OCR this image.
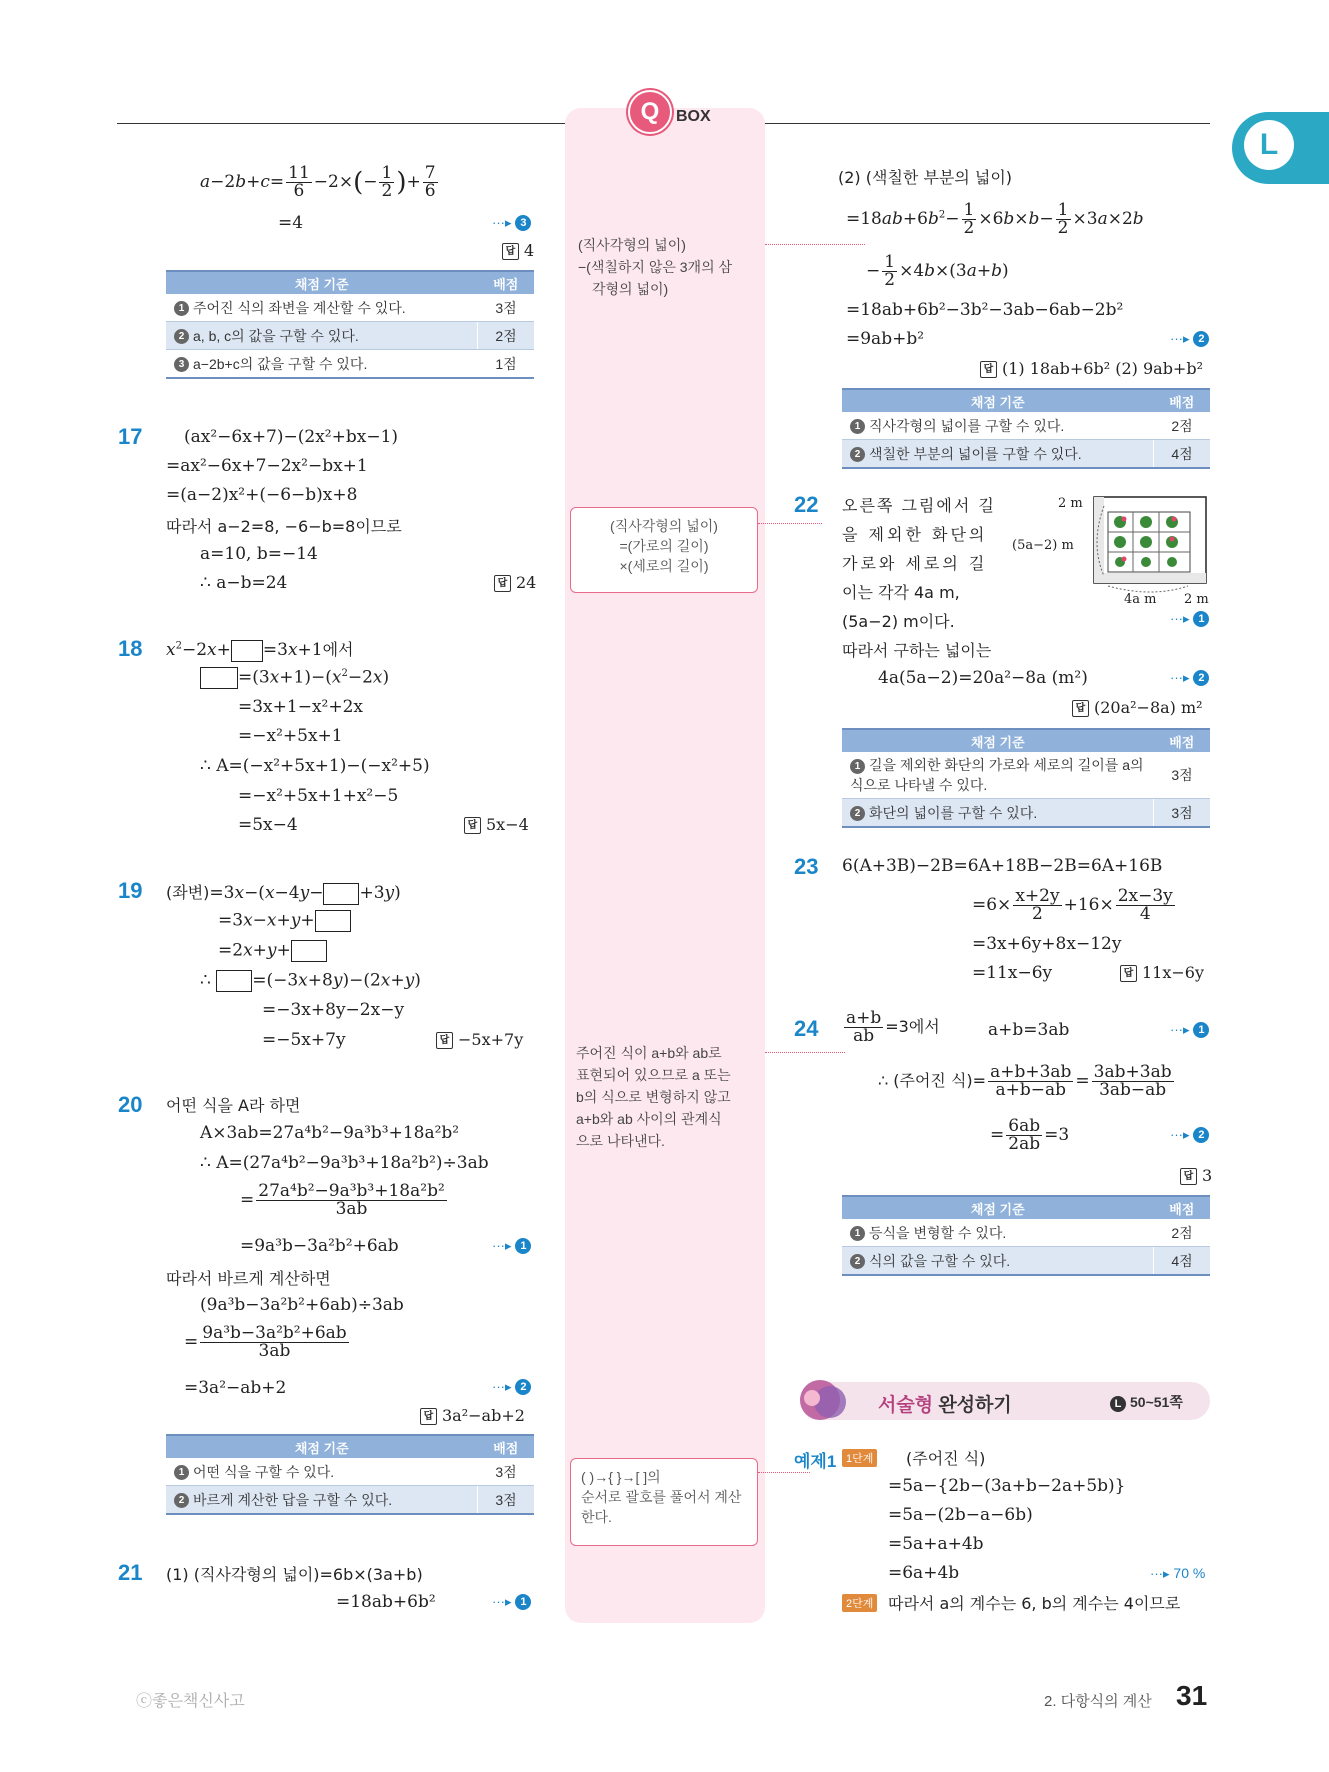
Q	BOX
L
$a-2b+c= \frac{11}{6} -2\times(- \frac{1}{2}$ )+ $\frac{7}{6}$
=4	···▸ 3
답 4
채점 기준	배점
1 주어진 식의 좌변을 계산할 수 있다.	3점
2 a, b, c의 값을 구할 수 있다.	2점
3 a−2b+c의 값을 구할 수 있다.	1점
17 (ax²−6x+7)−(2x²+bx−1)
=ax²−6x+7−2x²−bx+1
=(a−2)x²+(−6−b)x+8
따라서 a−2=8, −6−b=8이므로
a=10, b=−14
∴ a−b=24	답 24
18 $x^2-2x+ =3x+1$에서
$=(3x+1)-(x^2-2x)$
=3x+1−x²+2x
=−x²+5x+1
∴ A=(−x²+5x+1)−(−x²+5)
=−x²+5x+1+x²−5
=5x−4	답 5x−4
19 (좌변)=3x−(x−4y− +3y)
=3x−x+y+
=2x+y+
∴ =(−3x+8y)−(2x+y)
=−3x+8y−2x−y
=−5x+7y	답 −5x+7y
20 어떤 식을 A라 하면
A×3ab=27a⁴b²−9a³b³+18a²b²
∴ A=(27a⁴b²−9a³b³+18a²b²)÷3ab
= $\frac{\text{27a⁴b²−9a³b³+18a²b²}}{3ab}$
=9a³b−3a²b²+6ab	···▸ 1
따라서 바르게 계산하면
(9a³b−3a²b²+6ab)÷3ab
= $\frac{\text{9a³b−3a²b²+6ab}}{3ab}$
=3a²−ab+2	···▸ 2
답 3a²−ab+2
채점 기준	배점
1 어떤 식을 구할 수 있다.	3점
2 바르게 계산한 답을 구할 수 있다.	3점
21 (1) (직사각형의 넓이)=6b×(3a+b)
=18ab+6b²	···▸ 1
(직사각형의 넓이)
−(색칠하지 않은 3개의 삼
각형의 넓이)
(직사각형의 넓이)
=(가로의 길이)
×(세로의 길이)
주어진 식이 a+b와 ab로
표현되어 있으므로 a 또는
b의 식으로 변형하지 않고
a+b와 ab 사이의 관계식
으로 나타낸다.
( )→{ }→[ ]의
순서로 괄호를 풀어서 계산
한다.
(2) (색칠한 부분의 넓이)
$=18ab+6b^2- \frac{1}{2} \times 6b\times b- \frac{1}{2} \times 3a\times 2b$
− $\frac{1}{2} \times 4b\times(3a+b)$
=18ab+6b²−3b²−3ab−6ab−2b²
=9ab+b²	···▸ 2
답 (1) 18ab+6b² (2) 9ab+b²
채점 기준	배점
1 직사각형의 넓이를 구할 수 있다.	2점
2 색칠한 부분의 넓이를 구할 수 있다.	4점
22 오른쪽 그림에서 길
을 제외한 화단의
가로와 세로의 길
이는 각각 4a m,
(5a−2) m이다.	···▸ 1
따라서 구하는 넓이는
4a(5a−2)=20a²−8a (m²)	···▸ 2
답 (20a²−8a) m²
2 m
(5a−2) m
4a m 2 m
채점 기준	배점
1 길을 제외한 화단의 가로와 세로의 길이를 a의 식으로 나타낼 수 있다.	3점
2 화단의 넓이를 구할 수 있다.	3점
23 6(A+3B)−2B=6A+18B−2B=6A+16B
$=6\times \frac{x+2y}{2} +16\times \frac{2x-3y}{4}$
=3x+6y+8x−12y
=11x−6y	답 11x−6y
$24 \frac{a+b}{ab} =3$에서	a+b=3ab	···▸ 1
∴ (주어진 식)= $\frac{a+b+3ab}{a+b-ab} = \frac{3ab+3ab}{3ab-ab}$
= $\frac{6ab}{2ab} =3$	···▸ 2
답 3
채점 기준	배점
1 등식을 변형할 수 있다.	2점
2 식의 값을 구할 수 있다.	4점
서술형 완성하기	L 50~51쪽
예제1 1단계 (주어진 식)
=5a−{2b−(3a+b−2a+5b)}
=5a−(2b−a−6b)
=5a+a+4b
=6a+4b	···▸ 70 %
2단계 따라서 a의 계수는 6, b의 계수는 4이므로
ⓒ좋은책신사고	2. 다항식의 계산 31
